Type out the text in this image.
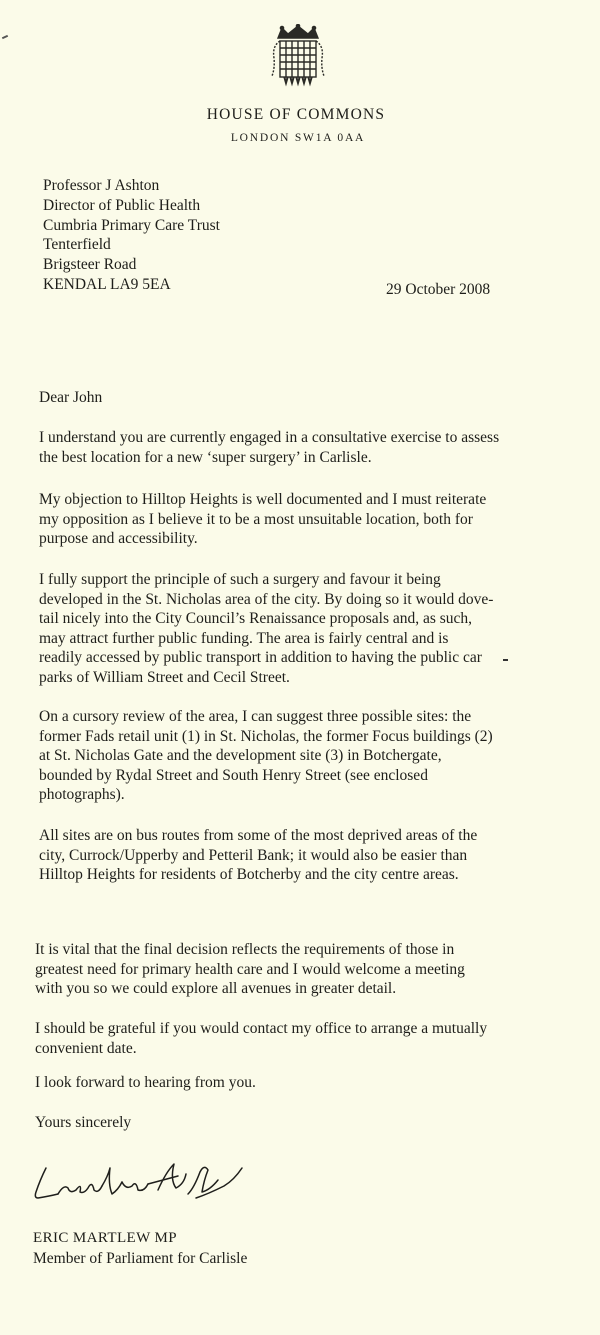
HOUSE OF COMMONS
LONDON SW1A 0AA
Professor J Ashton
Director of Public Health
Cumbria Primary Care Trust
Tenterfield
Brigsteer Road
KENDAL LA9 5EA	29 October 2008
Dear John
I understand you are currently engaged in a consultative exercise to assess
the best location for a new ‘super surgery’ in Carlisle.
My objection to Hilltop Heights is well documented and I must reiterate
my opposition as I believe it to be a most unsuitable location, both for
purpose and accessibility.
I fully support the principle of such a surgery and favour it being
developed in the St. Nicholas area of the city. By doing so it would dove-
tail nicely into the City Council’s Renaissance proposals and, as such,
may attract further public funding. The area is fairly central and is
readily accessed by public transport in addition to having the public car
parks of William Street and Cecil Street.
On a cursory review of the area, I can suggest three possible sites: the
former Fads retail unit (1) in St. Nicholas, the former Focus buildings (2)
at St. Nicholas Gate and the development site (3) in Botchergate,
bounded by Rydal Street and South Henry Street (see enclosed
photographs).
All sites are on bus routes from some of the most deprived areas of the
city, Currock/Upperby and Petteril Bank; it would also be easier than
Hilltop Heights for residents of Botcherby and the city centre areas.
It is vital that the final decision reflects the requirements of those in
greatest need for primary health care and I would welcome a meeting
with you so we could explore all avenues in greater detail.
I should be grateful if you would contact my office to arrange a mutually
convenient date.
I look forward to hearing from you.
Yours sincerely
ERIC MARTLEW MP
Member of Parliament for Carlisle
